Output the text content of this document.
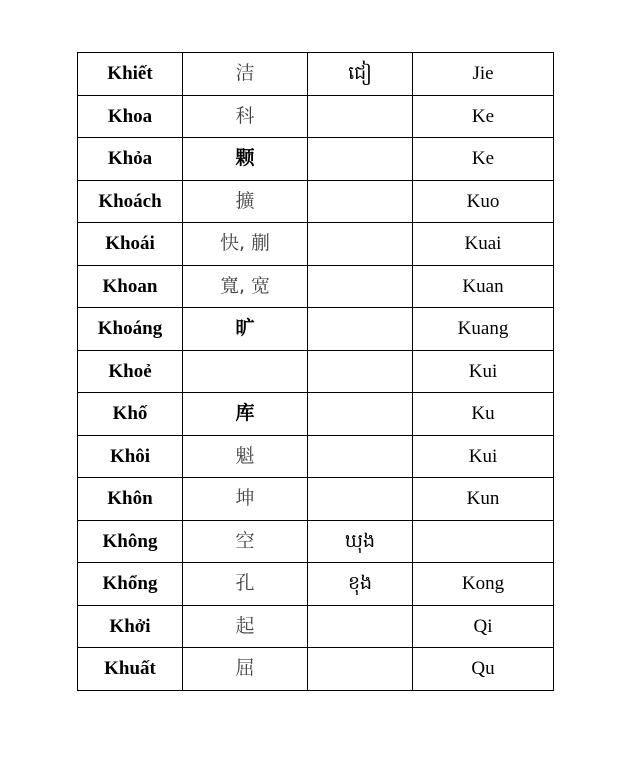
Khiết	洁	ជៀ	Jie
Khoa	科		Ke
Khỏa	颗		Ke
Khoách	擴		Kuo
Khoái	快, 蒯		Kuai
Khoan	寬, 宽		Kuan
Khoáng	旷		Kuang
Khoẻ			Kui
Khố	库		Ku
Khôi	魁		Kui
Khôn	坤		Kun
Không	空	ឃុង	
Khổng	孔	ខុង	Kong
Khởi	起		Qi
Khuất	屈		Qu
